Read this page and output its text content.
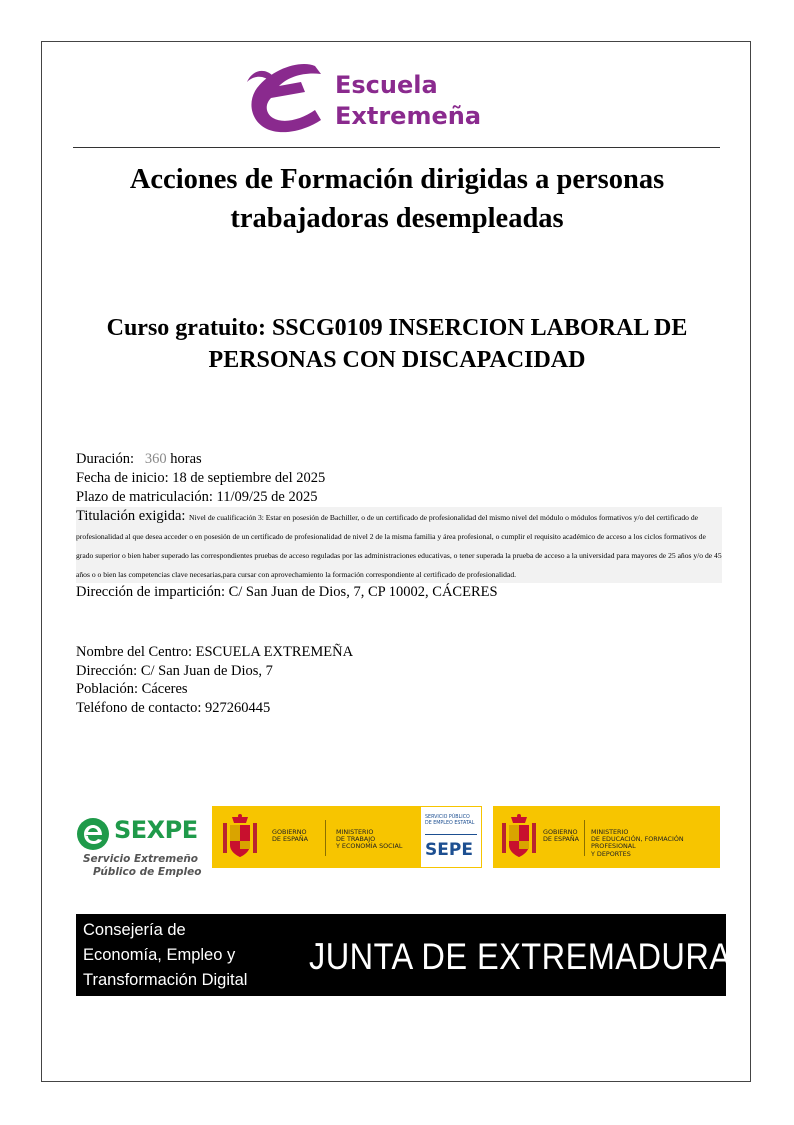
Escuela
Extremeña
Acciones de Formación dirigidas a personas
trabajadoras desempleadas
Curso gratuito: SSCG0109 INSERCION LABORAL DE
PERSONAS CON DISCAPACIDAD
Duración: 360 horas
Fecha de inicio: 18 de septiembre del 2025
Plazo de matriculación: 11/09/25 de 2025
Titulación exigida: Nivel de cualificación 3: Estar en posesión de Bachiller, o de un certificado de profesionalidad del mismo nivel del módulo o módulos formativos y/o del certificado de profesionalidad al que desea acceder o en posesión de un certificado de profesionalidad de nivel 2 de la misma familia y área profesional, o cumplir el requisito académico de acceso a los ciclos formativos de grado superior o bien haber superado las correspondientes pruebas de acceso reguladas por las administraciones educativas, o tener superada la prueba de acceso a la universidad para mayores de 25 años y/o de 45 años o o bien las competencias clave necesarias,para cursar con aprovechamiento la formación correspondiente al certificado de profesionalidad.
Dirección de impartición: C/ San Juan de Dios, 7, CP 10002, CÁCERES
Nombre del Centro: ESCUELA EXTREMEÑA
Dirección: C/ San Juan de Dios, 7
Población: Cáceres
Teléfono de contacto: 927260445
SEXPE
Servicio Extremeño
Público de Empleo
GOBIERNO
DE ESPAÑA
MINISTERIO
DE TRABAJO
Y ECONOMÍA SOCIAL
SERVICIO PÚBLICO
DE EMPLEO ESTATAL
SEPE
GOBIERNO
DE ESPAÑA
MINISTERIO
DE EDUCACIÓN, FORMACIÓN PROFESIONAL
Y DEPORTES
Consejería de
Economía, Empleo y
Transformación Digital
JUNTA DE EXTREMADURA
